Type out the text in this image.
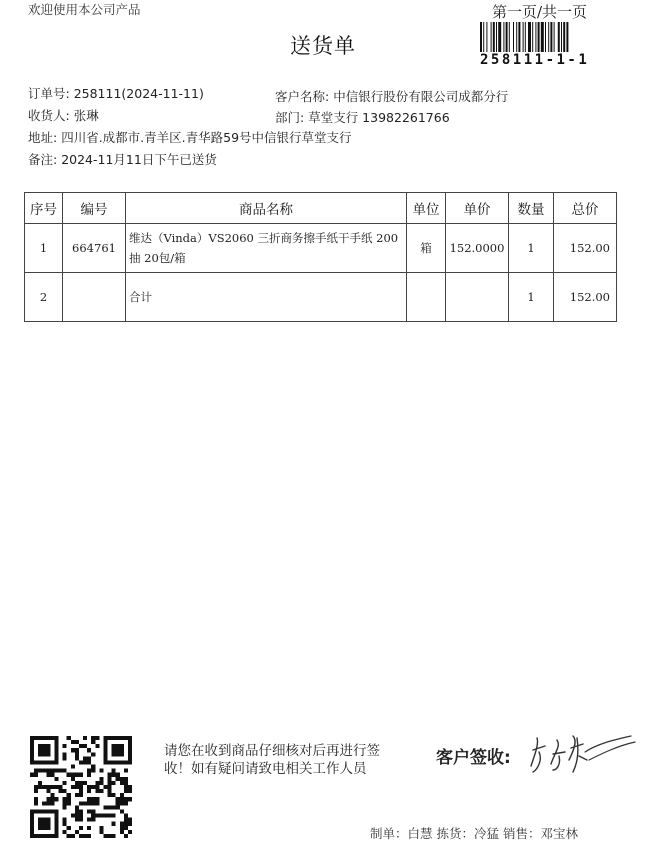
欢迎使用本公司产品
送货单
第一页/共一页
258111-1-1
订单号: 258111(2024-11-11)
收货人: 张琳
地址: 四川省.成都市.青羊区.青华路59号中信银行草堂支行
备注: 2024-11月11日下午已送货
客户名称: 中信银行股份有限公司成都分行
部门: 草堂支行 13982261766
序号	编号	商品名称	单位	单价	数量	总价
1	664761	维达（Vinda）VS2060 三折商务擦手纸干手纸 200抽 20包/箱	箱	152.0000	1	152.00
2		合计			1	152.00
请您在收到商品仔细核对后再进行签收！如有疑问请致电相关工作人员
客户签收:
制单：白慧 拣货：冷猛 销售：邓宝林
